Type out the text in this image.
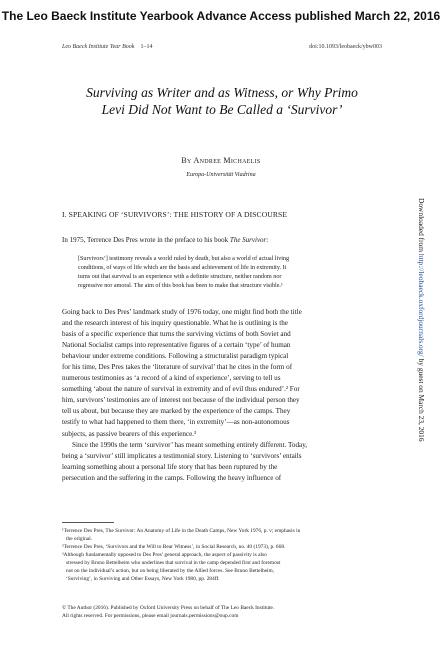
The Leo Baeck Institute Yearbook Advance Access published March 22, 2016
Leo Baeck Institute Year Book 1–14	doi:10.1093/leobaeck/ybw003
Surviving as Writer and as Witness, or Why Primo
Levi Did Not Want to Be Called a ‘Survivor’
By Andree Michaelis
Europa-Universität Viadrina
I. SPEAKING OF ‘SURVIVORS’: THE HISTORY OF A DISCOURSE
In 1975, Terrence Des Pres wrote in the preface to his book The Survivor:
[Survivors’] testimony reveals a world ruled by death, but also a world of actual living
conditions, of ways of life which are the basis and achievement of life in extremity. It
turns out that survival is an experience with a definite structure, neither random nor
regressive nor amoral. The aim of this book has been to make that structure visible.¹
Going back to Des Pres’ landmark study of 1976 today, one might find both the title
and the research interest of his inquiry questionable. What he is outlining is the
basis of a specific experience that turns the surviving victims of both Soviet and
National Socialist camps into representative figures of a certain ‘type’ of human
behaviour under extreme conditions. Following a structuralist paradigm typical
for his time, Des Pres takes the ‘literature of survival’ that he cites in the form of
numerous testimonies as ‘a record of a kind of experience’, serving to tell us
something ‘about the nature of survival in extremity and of evil thus endured’.² For
him, survivors’ testimonies are of interest not because of the individual person they
tell us about, but because they are marked by the experience of the camps. They
testify to what had happened to them there, ‘in extremity’—as non-autonomous
subjects, as passive bearers of this experience.³
Since the 1990s the term ‘survivor’ has meant something entirely different. Today,
being a ‘survivor’ still implicates a testimonial story. Listening to ‘survivors’ entails
learning something about a personal life story that has been ruptured by the
persecution and the suffering in the camps. Following the heavy influence of
¹Terrence Des Pres, The Survivor: An Anatomy of Life in the Death Camps, New York 1976, p. v; emphasis in
the original.
²Terrence Des Pres, ‘Survivors and the Will to Bear Witness’, in Social Research, no. 40 (1973), p. 668.
³Although fundamentally opposed to Des Pres’ general approach, the aspect of passivity is also
stressed by Bruno Bettelheim who underlines that survival in the camp depended first and foremost
not on the individual’s action, but on being liberated by the Allied forces. See Bruno Bettelheim,
‘Surviving’, in Surviving and Other Essays, New York 1980, pp. 284ff.
© The Author (2016). Published by Oxford University Press on behalf of The Leo Baeck Institute.
All rights reserved. For permissions, please email journals.permissions@oup.com
Downloaded from http://leobaeck.oxfordjournals.org/ by guest on March 23, 2016
